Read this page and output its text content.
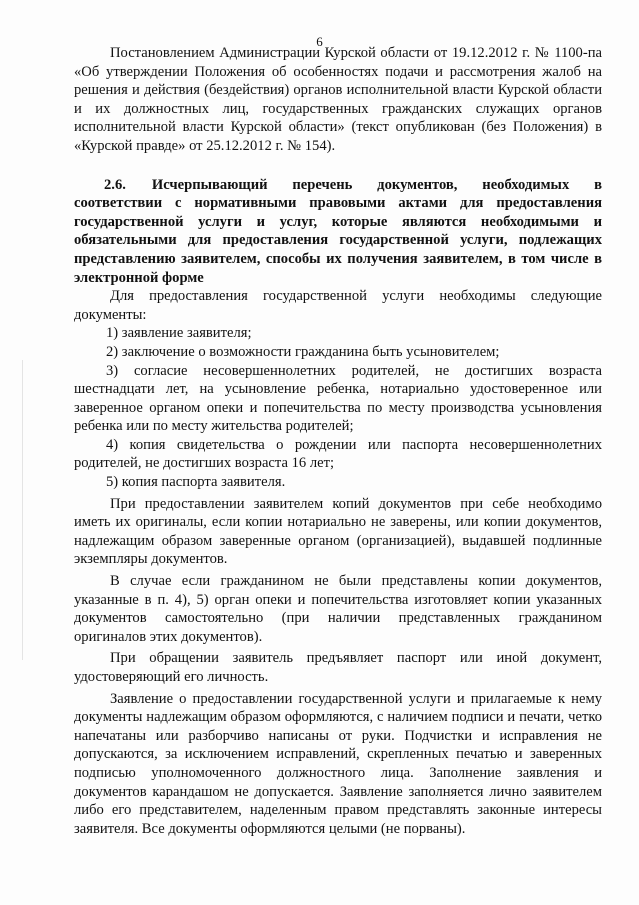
6

Постановлением Администрации Курской области от 19.12.2012 г. № 1100-па «Об утверждении Положения об особенностях подачи и рассмотрения жалоб на решения и действия (бездействия) органов исполнительной власти Курской области и их должностных лиц, государственных гражданских служащих органов исполнительной власти Курской области» (текст опубликован (без Положения) в «Курской правде» от 25.12.2012 г. № 154).

2.6. Исчерпывающий перечень документов, необходимых в соответствии с нормативными правовыми актами для предоставления государственной услуги и услуг, которые являются необходимыми и обязательными для предоставления государственной услуги, подлежащих представлению заявителем, способы их получения заявителем, в том числе в электронной форме

Для предоставления государственной услуги необходимы следующие документы:

1) заявление заявителя;

2) заключение о возможности гражданина быть усыновителем;

3) согласие несовершеннолетних родителей, не достигших возраста шестнадцати лет, на усыновление ребенка, нотариально удостоверенное или заверенное органом опеки и попечительства по месту производства усыновления ребенка или по месту жительства родителей;

4) копия свидетельства о рождении или паспорта несовершеннолетних родителей, не достигших возраста 16 лет;

5) копия паспорта заявителя.

При предоставлении заявителем копий документов при себе необходимо иметь их оригиналы, если копии нотариально не заверены, или копии документов, надлежащим образом заверенные органом (организацией), выдавшей подлинные экземпляры документов.

В случае если гражданином не были представлены копии документов, указанные в п. 4), 5) орган опеки и попечительства изготовляет копии указанных документов самостоятельно (при наличии представленных гражданином оригиналов этих документов).

При обращении заявитель предъявляет паспорт или иной документ, удостоверяющий его личность.

Заявление о предоставлении государственной услуги и прилагаемые к нему документы надлежащим образом оформляются, с наличием подписи и печати, четко напечатаны или разборчиво написаны от руки. Подчистки и исправления не допускаются, за исключением исправлений, скрепленных печатью и заверенных подписью уполномоченного должностного лица. Заполнение заявления и документов карандашом не допускается. Заявление заполняется лично заявителем либо его представителем, наделенным правом представлять законные интересы заявителя. Все документы оформляются целыми (не порваны).
